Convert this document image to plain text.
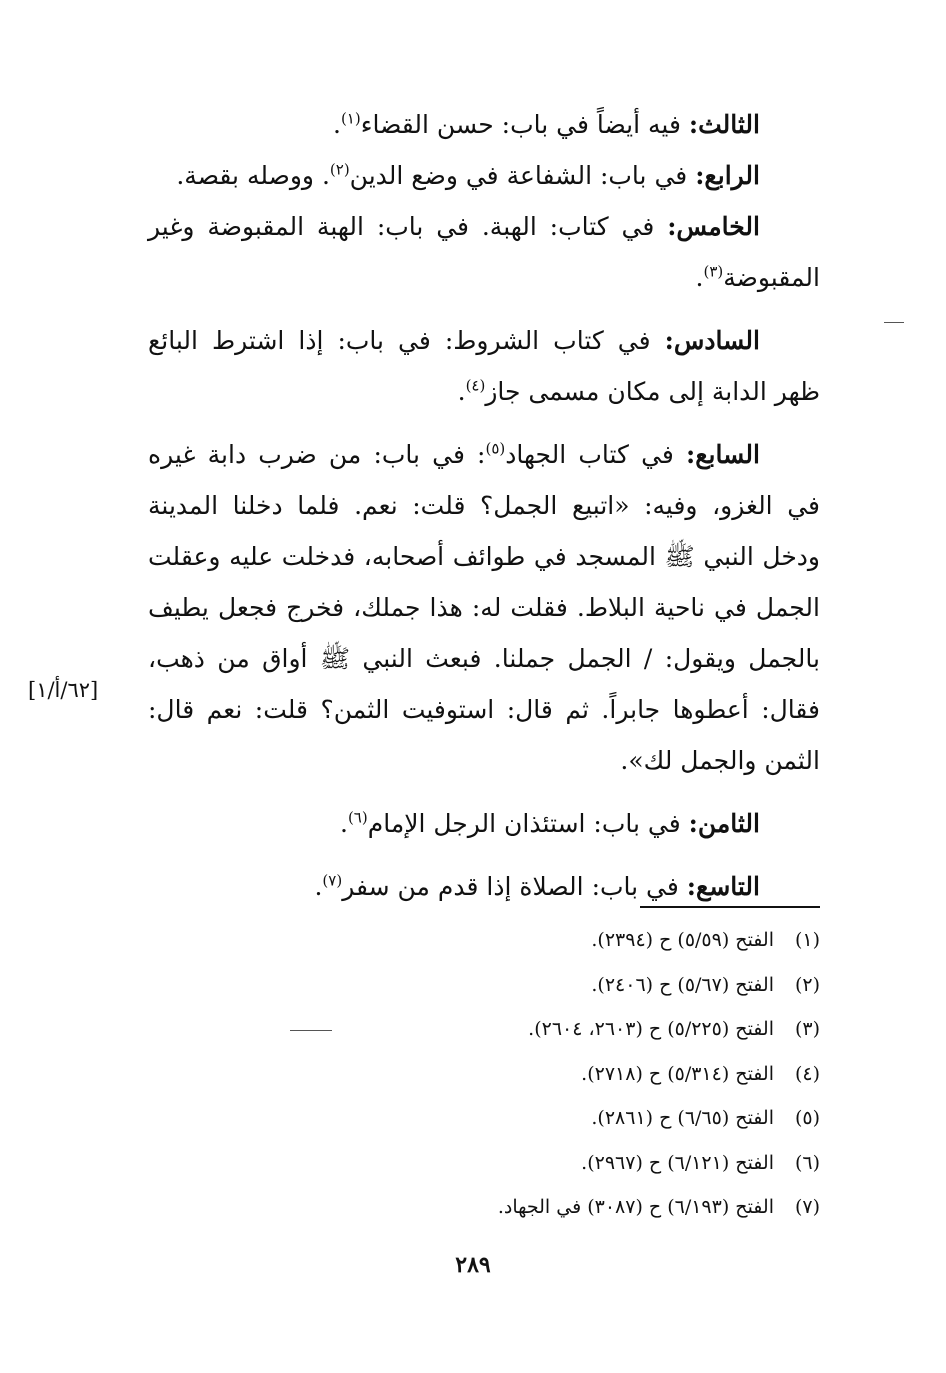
الثالث: فيه أيضاً في باب: حسن القضاء$^{(١)}$.

الرابع: في باب: الشفاعة في وضع الدين$^{(٢)}$. ووصله بقصة.

الخامس: في كتاب: الهبة. في باب: الهبة المقبوضة وغير المقبوضة$^{(٣)}$.

السادس: في كتاب الشروط: في باب: إذا اشترط البائع ظهر الدابة إلى مكان مسمى جاز$^{(٤)}$.

السابع: في كتاب الجهاد$^{(٥)}$: في باب: من ضرب دابة غيره في الغزو، وفيه: «اتبيع الجمل؟ قلت: نعم. فلما دخلنا المدينة ودخل النبي ﷺ المسجد في طوائف أصحابه، فدخلت عليه وعقلت الجمل في ناحية البلاط. فقلت له: هذا جملك، فخرج فجعل يطيف بالجمل ويقول: / الجمل جملنا. فبعث النبي ﷺ أواق من ذهب، فقال: أعطوها جابراً. ثم قال: استوفيت الثمن؟ قلت: نعم قال: الثمن والجمل لك».

الثامن: في باب: استئذان الرجل الإمام$^{(٦)}$.

التاسع: في باب: الصلاة إذا قدم من سفر$^{(٧)}$.

[٦٢/أ/١]
(١)الفتح (٥/٥٩) ح (٢٣٩٤).
(٢)الفتح (٥/٦٧) ح (٢٤٠٦).
(٣)الفتح (٥/٢٢٥) ح (٢٦٠٣، ٢٦٠٤).
(٤)الفتح (٥/٣١٤) ح (٢٧١٨).
(٥)الفتح (٦/٦٥) ح (٢٨٦١).
(٦)الفتح (٦/١٢١) ح (٢٩٦٧).
(٧)الفتح (٦/١٩٣) ح (٣٠٨٧) في الجهاد.
٢٨٩
